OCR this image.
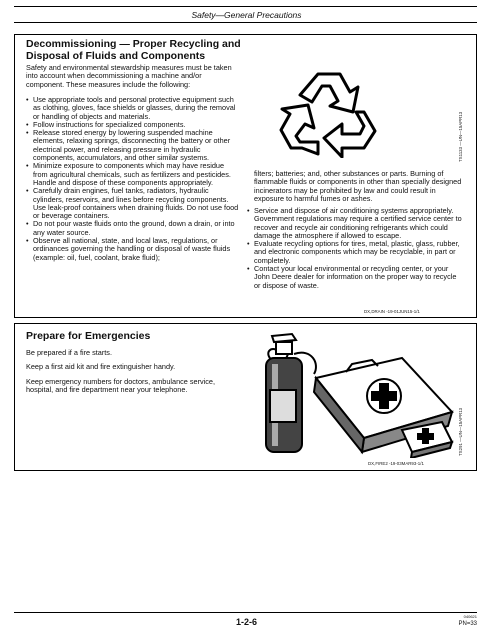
Safety—General Precautions
Decommissioning — Proper Recycling and
Disposal of Fluids and Components
Safety and environmental stewardship measures must be taken into account when decommissioning a machine and/or component. These measures include the following:
• Use appropriate tools and personal protective equipment such as clothing, gloves, face shields or glasses, during the removal or handling of objects and materials.
• Follow instructions for specialized components.
• Release stored energy by lowering suspended machine elements, relaxing springs, disconnecting the battery or other electrical power, and releasing pressure in hydraulic components, accumulators, and other similar systems.
• Minimize exposure to components which may have residue from agricultural chemicals, such as fertilizers and pesticides. Handle and dispose of these components appropriately.
• Carefully drain engines, fuel tanks, radiators, hydraulic cylinders, reservoirs, and lines before recycling components. Use leak-proof containers when draining fluids. Do not use food or beverage containers.
• Do not pour waste fluids onto the ground, down a drain, or into any water source.
• Observe all national, state, and local laws, regulations, or ordinances governing the handling or disposal of waste fluids (example: oil, fuel, coolant, brake fluid);
TS1133 —UN—15APR13
filters; batteries; and, other substances or parts. Burning of flammable fluids or components in other than specially designed incinerators may be prohibited by law and could result in exposure to harmful fumes or ashes.
• Service and dispose of air conditioning systems appropriately. Government regulations may require a certified service center to recover and recycle air conditioning refrigerants which could damage the atmosphere if allowed to escape.
• Evaluate recycling options for tires, metal, plastic, glass, rubber, and electronic components which may be recyclable, in part or completely.
• Contact your local environmental or recycling center, or your John Deere dealer for information on the proper way to recycle or dispose of waste.
DX,DRAIN -19-01JUN15-1/1
Prepare for Emergencies
Be prepared if a fire starts.
Keep a first aid kit and fire extinguisher handy.
Keep emergency numbers for doctors, ambulance service, hospital, and fire department near your telephone.
TS291 —UN—15APR13
DX,FIRE2 -19-03MAR93-1/1
1-2-6
040621
PN=33
